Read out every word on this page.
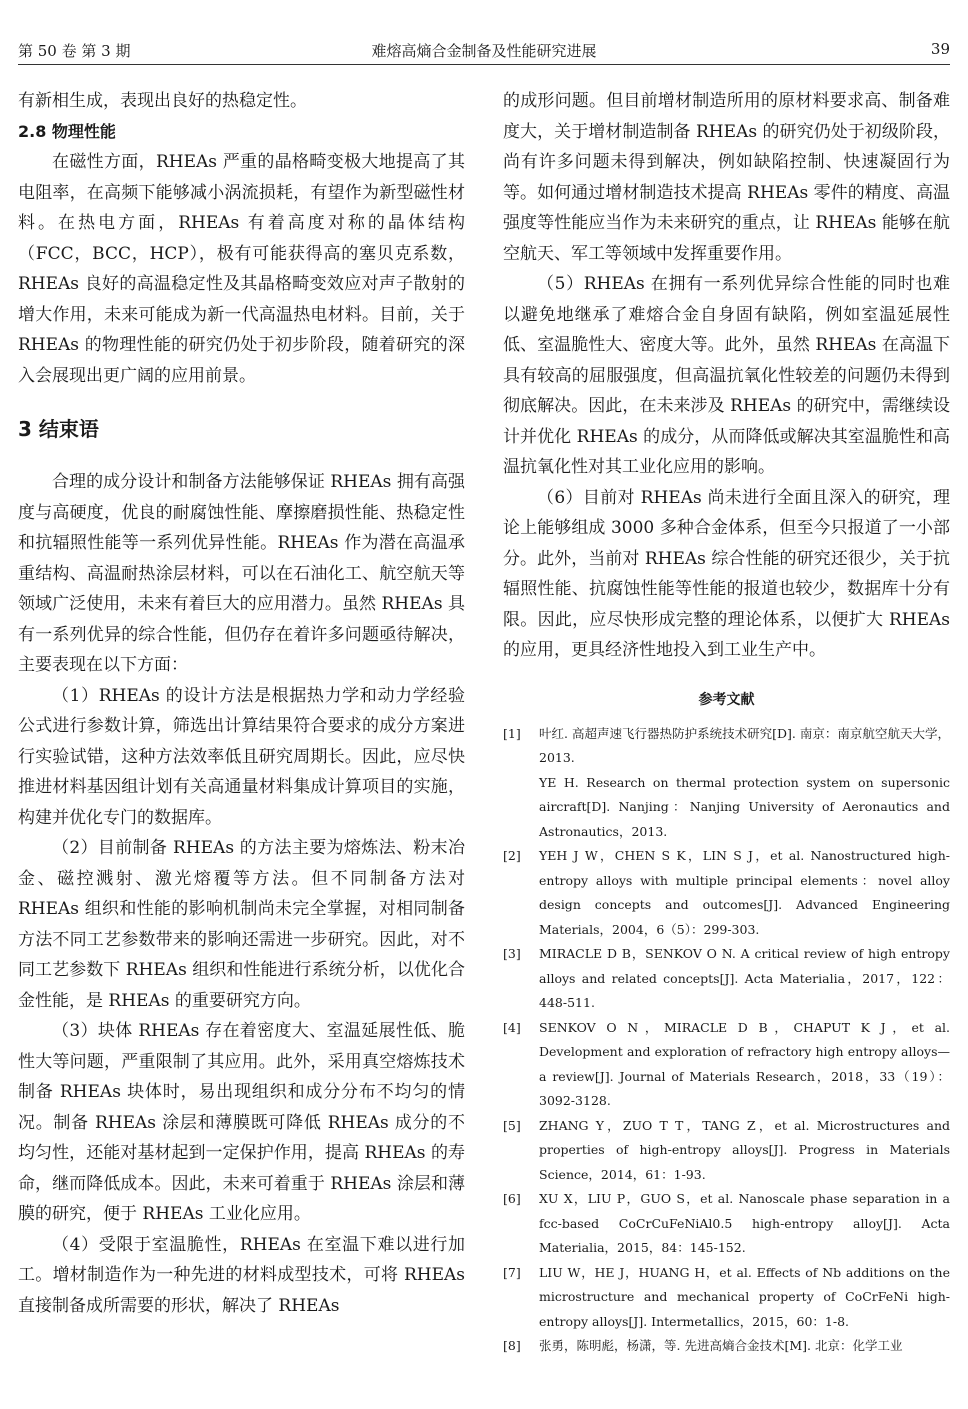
第 50 卷 第 3 期	难熔高熵合金制备及性能研究进展	39

有新相生成，表现出良好的热稳定性。

2.8 物理性能

在磁性方面，RHEAs 严重的晶格畸变极大地提高了其电阻率，在高频下能够减小涡流损耗，有望作为新型磁性材料。在热电方面，RHEAs 有着高度对称的晶体结构（FCC，BCC，HCP），极有可能获得高的塞贝克系数，RHEAs 良好的高温稳定性及其晶格畸变效应对声子散射的增大作用，未来可能成为新一代高温热电材料。目前，关于 RHEAs 的物理性能的研究仍处于初步阶段，随着研究的深入会展现出更广阔的应用前景。

3 结束语

合理的成分设计和制备方法能够保证 RHEAs 拥有高强度与高硬度，优良的耐腐蚀性能、摩擦磨损性能、热稳定性和抗辐照性能等一系列优异性能。RHEAs 作为潜在高温承重结构、高温耐热涂层材料，可以在石油化工、航空航天等领域广泛使用，未来有着巨大的应用潜力。虽然 RHEAs 具有一系列优异的综合性能，但仍存在着许多问题亟待解决，主要表现在以下方面：

（1）RHEAs 的设计方法是根据热力学和动力学经验公式进行参数计算，筛选出计算结果符合要求的成分方案进行实验试错，这种方法效率低且研究周期长。因此，应尽快推进材料基因组计划有关高通量材料集成计算项目的实施，构建并优化专门的数据库。

（2）目前制备 RHEAs 的方法主要为熔炼法、粉末冶金、磁控溅射、激光熔覆等方法。但不同制备方法对 RHEAs 组织和性能的影响机制尚未完全掌握，对相同制备方法不同工艺参数带来的影响还需进一步研究。因此，对不同工艺参数下 RHEAs 组织和性能进行系统分析，以优化合金性能，是 RHEAs 的重要研究方向。

（3）块体 RHEAs 存在着密度大、室温延展性低、脆性大等问题，严重限制了其应用。此外，采用真空熔炼技术制备 RHEAs 块体时，易出现组织和成分分布不均匀的情况。制备 RHEAs 涂层和薄膜既可降低 RHEAs 成分的不均匀性，还能对基材起到一定保护作用，提高 RHEAs 的寿命，继而降低成本。因此，未来可着重于 RHEAs 涂层和薄膜的研究，便于 RHEAs 工业化应用。

（4）受限于室温脆性，RHEAs 在室温下难以进行加工。增材制造作为一种先进的材料成型技术，可将 RHEAs 直接制备成所需要的形状，解决了 RHEAs

的成形问题。但目前增材制造所用的原材料要求高、制备难度大，关于增材制造制备 RHEAs 的研究仍处于初级阶段，尚有许多问题未得到解决，例如缺陷控制、快速凝固行为等。如何通过增材制造技术提高 RHEAs 零件的精度、高温强度等性能应当作为未来研究的重点，让 RHEAs 能够在航空航天、军工等领域中发挥重要作用。

（5）RHEAs 在拥有一系列优异综合性能的同时也难以避免地继承了难熔合金自身固有缺陷，例如室温延展性低、室温脆性大、密度大等。此外，虽然 RHEAs 在高温下具有较高的屈服强度，但高温抗氧化性较差的问题仍未得到彻底解决。因此，在未来涉及 RHEAs 的研究中，需继续设计并优化 RHEAs 的成分，从而降低或解决其室温脆性和高温抗氧化性对其工业化应用的影响。

（6）目前对 RHEAs 尚未进行全面且深入的研究，理论上能够组成 3000 多种合金体系，但至今只报道了一小部分。此外，当前对 RHEAs 综合性能的研究还很少，关于抗辐照性能、抗腐蚀性能等性能的报道也较少，数据库十分有限。因此，应尽快形成完整的理论体系，以便扩大 RHEAs 的应用，更具经济性地投入到工业生产中。

参考文献
[1] 叶红. 高超声速飞行器热防护系统技术研究[D]. 南京：南京航空航天大学，2013.
YE H. Research on thermal protection system on supersonic aircraft[D]. Nanjing：Nanjing University of Aeronautics and Astronautics，2013.
[2] YEH J W，CHEN S K，LIN S J，et al. Nanostructured high-entropy alloys with multiple principal elements：novel alloy design concepts and outcomes[J]. Advanced Engineering Materials，2004，6（5）：299-303.
[3] MIRACLE D B，SENKOV O N. A critical review of high entropy alloys and related concepts[J]. Acta Materialia，2017，122：448-511.
[4] SENKOV O N，MIRACLE D B，CHAPUT K J，et al. Development and exploration of refractory high entropy alloys—a review[J]. Journal of Materials Research，2018，33（19）：3092-3128.
[5] ZHANG Y，ZUO T T，TANG Z，et al. Microstructures and properties of high-entropy alloys[J]. Progress in Materials Science，2014，61：1-93.
[6] XU X，LIU P，GUO S，et al. Nanoscale phase separation in a fcc-based CoCrCuFeNiAl0.5 high-entropy alloy[J]. Acta Materialia，2015，84：145-152.
[7] LIU W，HE J，HUANG H，et al. Effects of Nb additions on the microstructure and mechanical property of CoCrFeNi high-entropy alloys[J]. Intermetallics，2015，60：1-8.
[8] 张勇，陈明彪，杨潇，等. 先进高熵合金技术[M]. 北京：化学工业
